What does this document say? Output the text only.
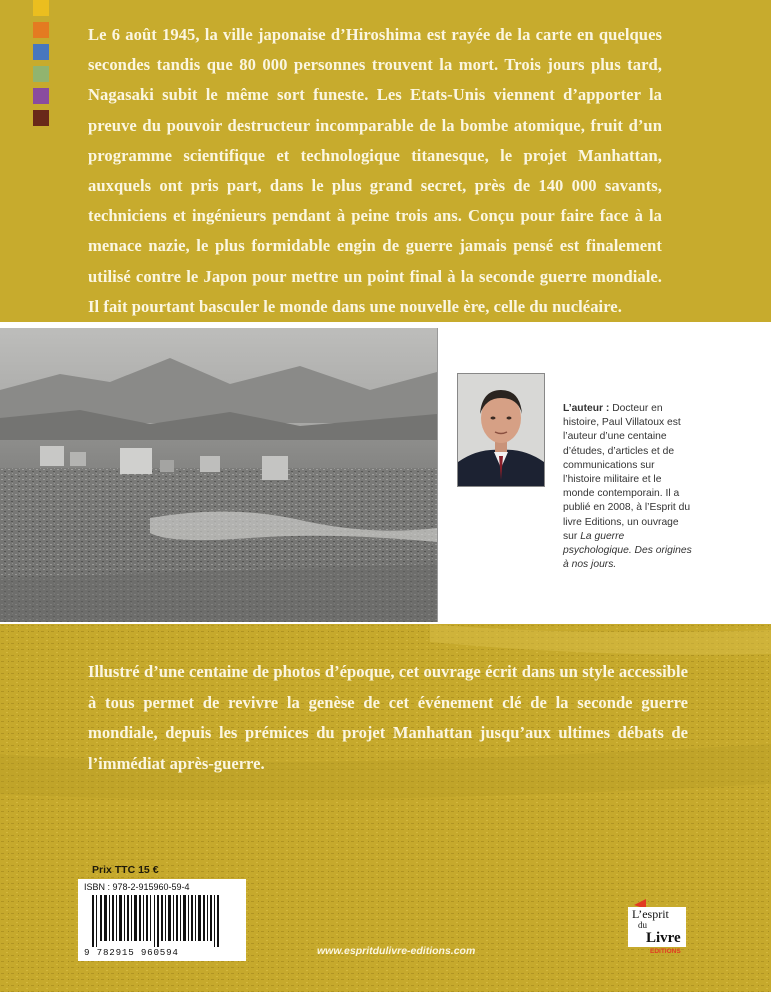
Le 6 août 1945, la ville japonaise d’Hiroshima est rayée de la carte en quelques secondes tandis que 80 000 personnes trouvent la mort. Trois jours plus tard, Nagasaki subit le même sort funeste. Les Etats-Unis viennent d’apporter la preuve du pouvoir destructeur incomparable de la bombe atomique, fruit d’un programme scientifique et technologique titanesque, le projet Manhattan, auxquels ont pris part, dans le plus grand secret, près de 140 000 savants, techniciens et ingénieurs pendant à peine trois ans. Conçu pour faire face à la menace nazie, le plus formidable engin de guerre jamais pensé est finalement utilisé contre le Japon pour mettre un point final à la seconde guerre mondiale. Il fait pourtant basculer le monde dans une nouvelle ère, celle du nucléaire.

L’auteur : Docteur en histoire, Paul Villatoux est l’auteur d’une centaine d’études, d’articles et de communications sur l’histoire militaire et le monde contemporain. Il a publié en 2008, à l’Esprit du livre Editions, un ouvrage sur La guerre psychologique. Des origines à nos jours.

Illustré d’une centaine de photos d’époque, cet ouvrage écrit dans un style accessible à tous permet de revivre la genèse de cet événement clé de la seconde guerre mondiale, depuis les prémices du projet Manhattan jusqu’aux ultimes débats de l’immédiat après-guerre.

Prix TTC 15 €
ISBN : 978-2-915960-59-4
9 782915 960594	www.espritdulivre-editions.com
L’esprit
du
Livre
EDITIONS
